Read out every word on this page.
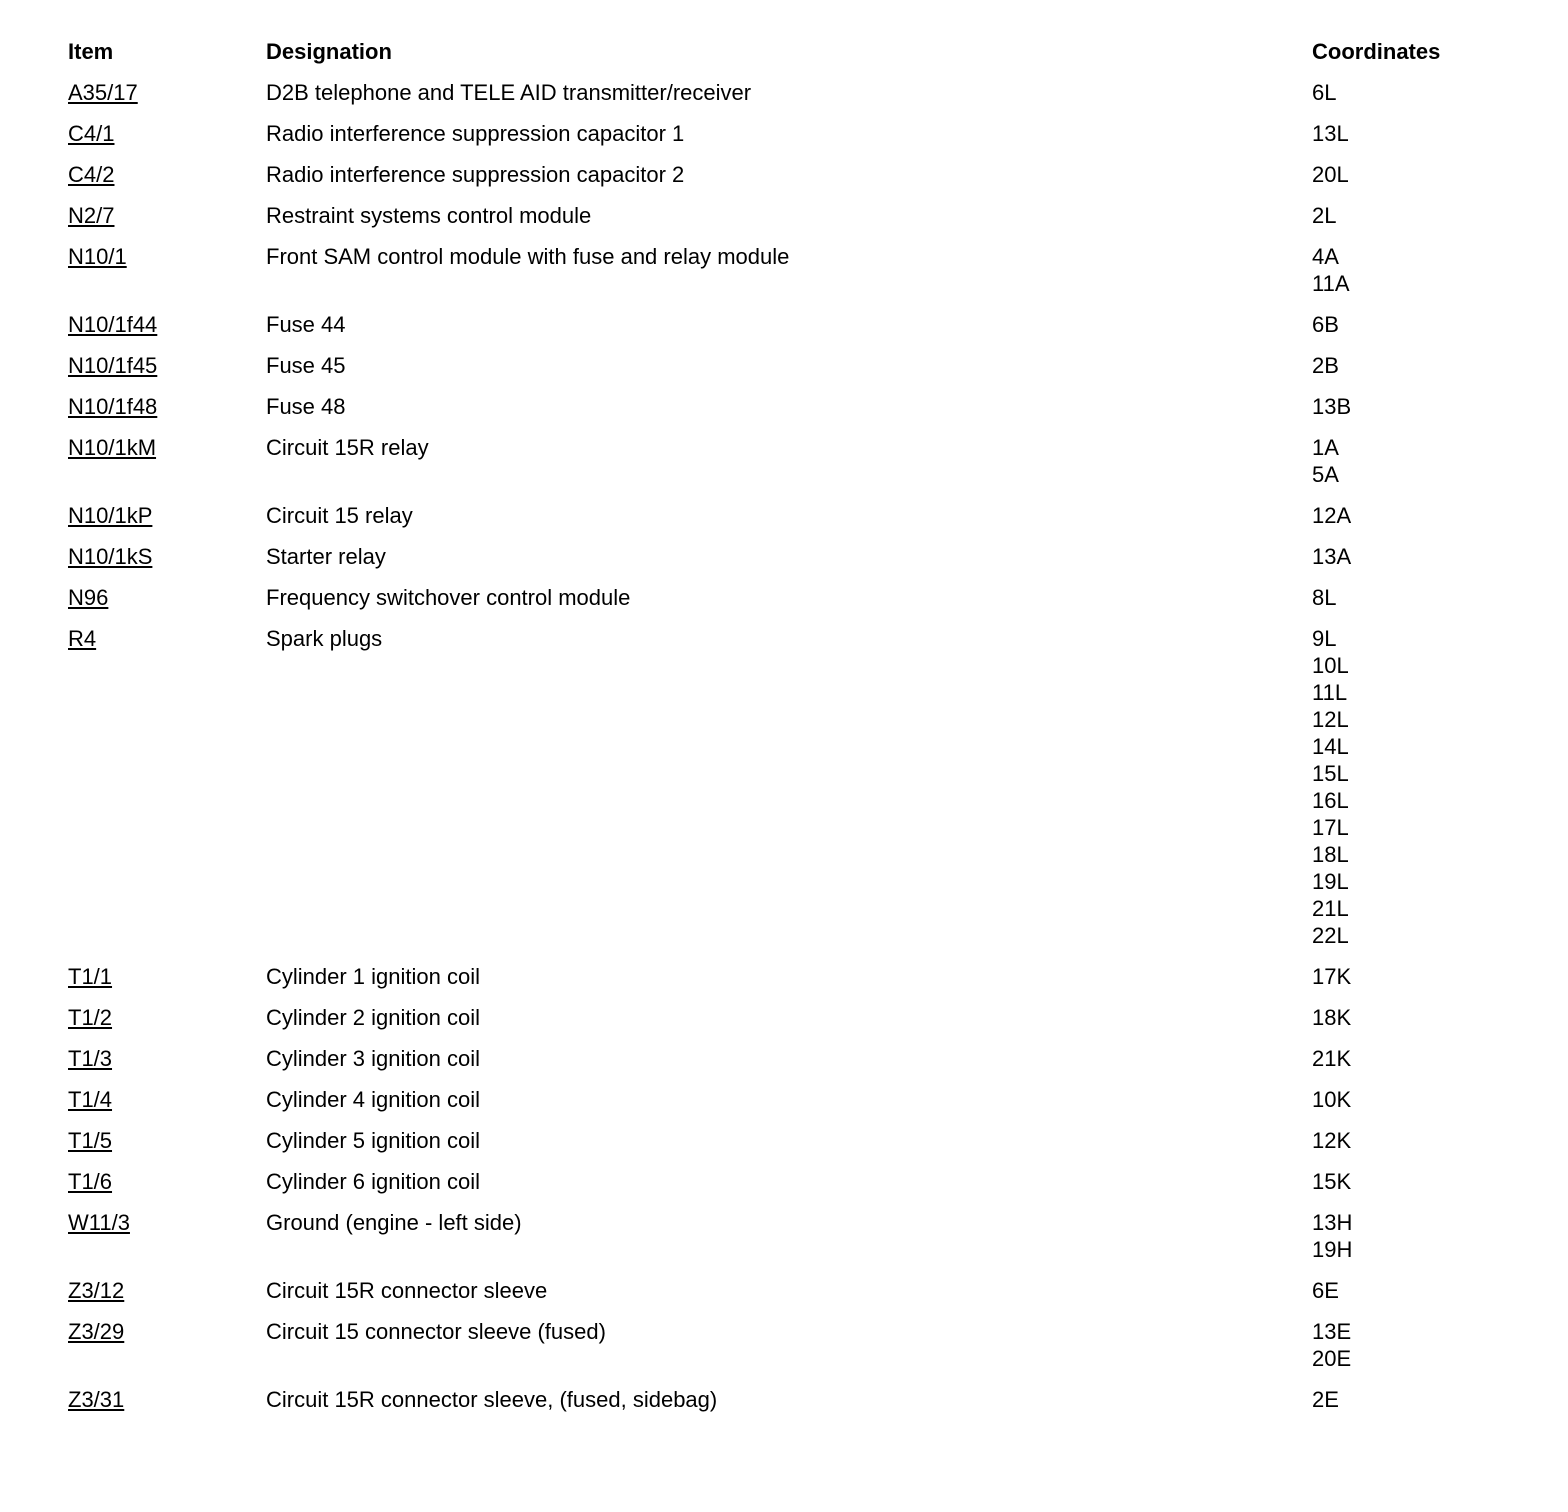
Item	Designation	Coordinates
A35/17	D2B telephone and TELE AID transmitter/receiver	6L
C4/1	Radio interference suppression capacitor 1	13L
C4/2	Radio interference suppression capacitor 2	20L
N2/7	Restraint systems control module	2L
N10/1	Front SAM control module with fuse and relay module	4A
11A
N10/1f44	Fuse 44	6B
N10/1f45	Fuse 45	2B
N10/1f48	Fuse 48	13B
N10/1kM	Circuit 15R relay	1A
5A
N10/1kP	Circuit 15 relay	12A
N10/1kS	Starter relay	13A
N96	Frequency switchover control module	8L
R4	Spark plugs	9L
10L
11L
12L
14L
15L
16L
17L
18L
19L
21L
22L
T1/1	Cylinder 1 ignition coil	17K
T1/2	Cylinder 2 ignition coil	18K
T1/3	Cylinder 3 ignition coil	21K
T1/4	Cylinder 4 ignition coil	10K
T1/5	Cylinder 5 ignition coil	12K
T1/6	Cylinder 6 ignition coil	15K
W11/3	Ground (engine - left side)	13H
19H
Z3/12	Circuit 15R connector sleeve	6E
Z3/29	Circuit 15 connector sleeve (fused)	13E
20E
Z3/31	Circuit 15R connector sleeve, (fused, sidebag)	2E
